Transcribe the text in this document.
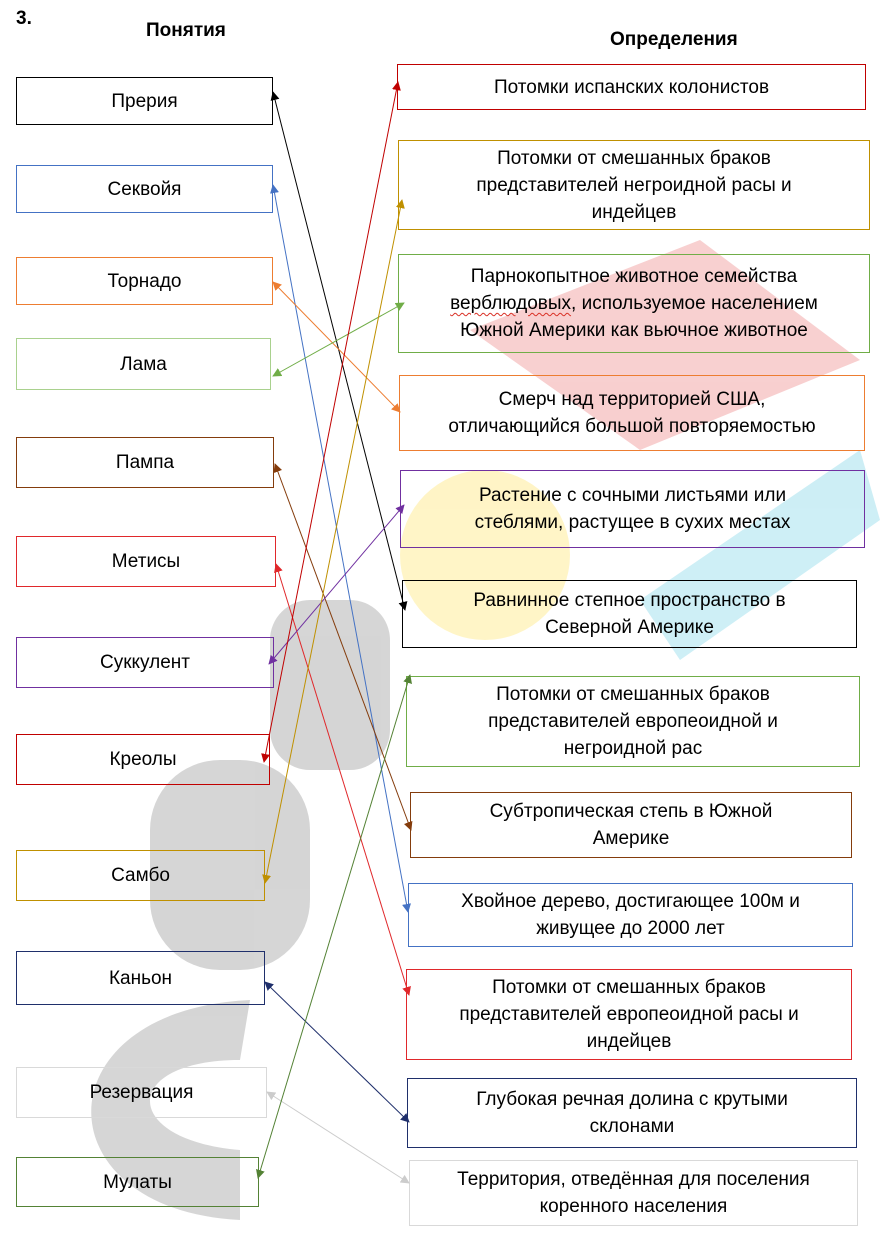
3.
Понятия	Определения
Прерия
Секвойя
Торнадо
Лама
Пампа
Метисы
Суккулент
Креолы
Самбо
Каньон
Резервация
Мулаты
Потомки испанских колонистов
Потомки от смешанных браков
представителей негроидной расы и
индейцев
Парнокопытное животное семейства
верблюдовых, используемое населением
Южной Америки как вьючное животное
Смерч над территорией США,
отличающийся большой повторяемостью
Растение с сочными листьями или
стеблями, растущее в сухих местах
Равнинное степное пространство в
Северной Америке
Потомки от смешанных браков
представителей европеоидной и
негроидной рас
Субтропическая степь в Южной
Америке
Хвойное дерево, достигающее 100м и
живущее до 2000 лет
Потомки от смешанных браков
представителей европеоидной расы и
индейцев
Глубокая речная долина с крутыми
склонами
Территория, отведённая для поселения
коренного населения
